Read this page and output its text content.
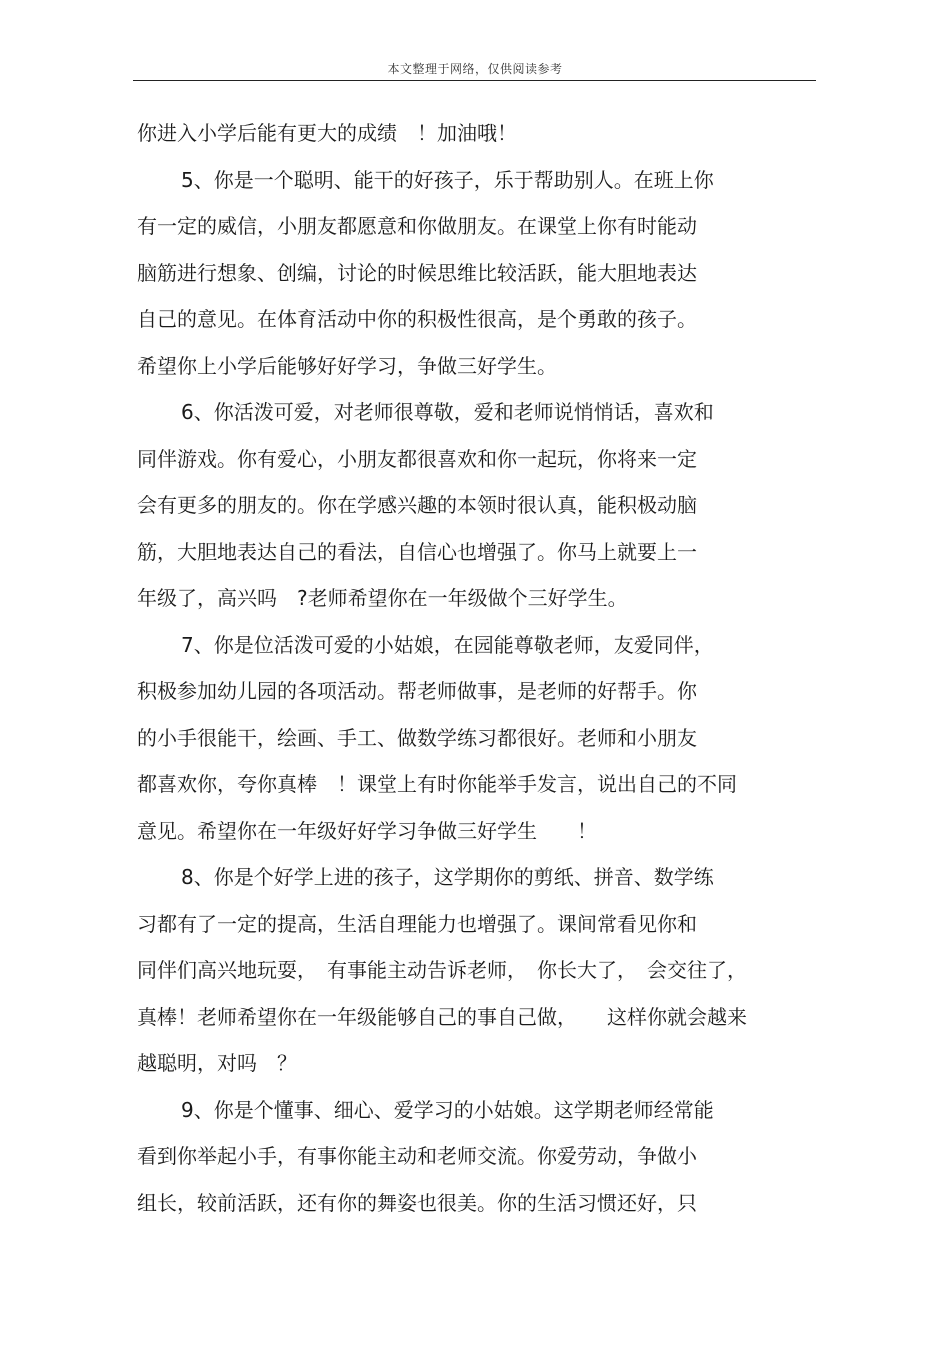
本文整理于网络，仅供阅读参考
你进入小学后能有更大的成绩　！加油哦！
5、你是一个聪明、能干的好孩子，乐于帮助别人。在班上你
有一定的威信，小朋友都愿意和你做朋友。在课堂上你有时能动
脑筋进行想象、创编，讨论的时候思维比较活跃，能大胆地表达
自己的意见。在体育活动中你的积极性很高，是个勇敢的孩子。
希望你上小学后能够好好学习，争做三好学生。
6、你活泼可爱，对老师很尊敬，爱和老师说悄悄话，喜欢和
同伴游戏。你有爱心，小朋友都很喜欢和你一起玩，你将来一定
会有更多的朋友的。你在学感兴趣的本领时很认真，能积极动脑
筋，大胆地表达自己的看法，自信心也增强了。你马上就要上一
年级了，高兴吗　?老师希望你在一年级做个三好学生。
7、你是位活泼可爱的小姑娘，在园能尊敬老师，友爱同伴，
积极参加幼儿园的各项活动。帮老师做事，是老师的好帮手。你
的小手很能干，绘画、手工、做数学练习都很好。老师和小朋友
都喜欢你，夸你真棒　！课堂上有时你能举手发言，说出自己的不同
意见。希望你在一年级好好学习争做三好学生　　！
8、你是个好学上进的孩子，这学期你的剪纸、拼音、数学练
习都有了一定的提高，生活自理能力也增强了。课间常看见你和
同伴们高兴地玩耍，　有事能主动告诉老师，　你长大了，　会交往了，
真棒！老师希望你在一年级能够自己的事自己做，　　这样你就会越来
越聪明，对吗　？
9、你是个懂事、细心、爱学习的小姑娘。这学期老师经常能
看到你举起小手，有事你能主动和老师交流。你爱劳动，争做小
组长，较前活跃，还有你的舞姿也很美。你的生活习惯还好，只
